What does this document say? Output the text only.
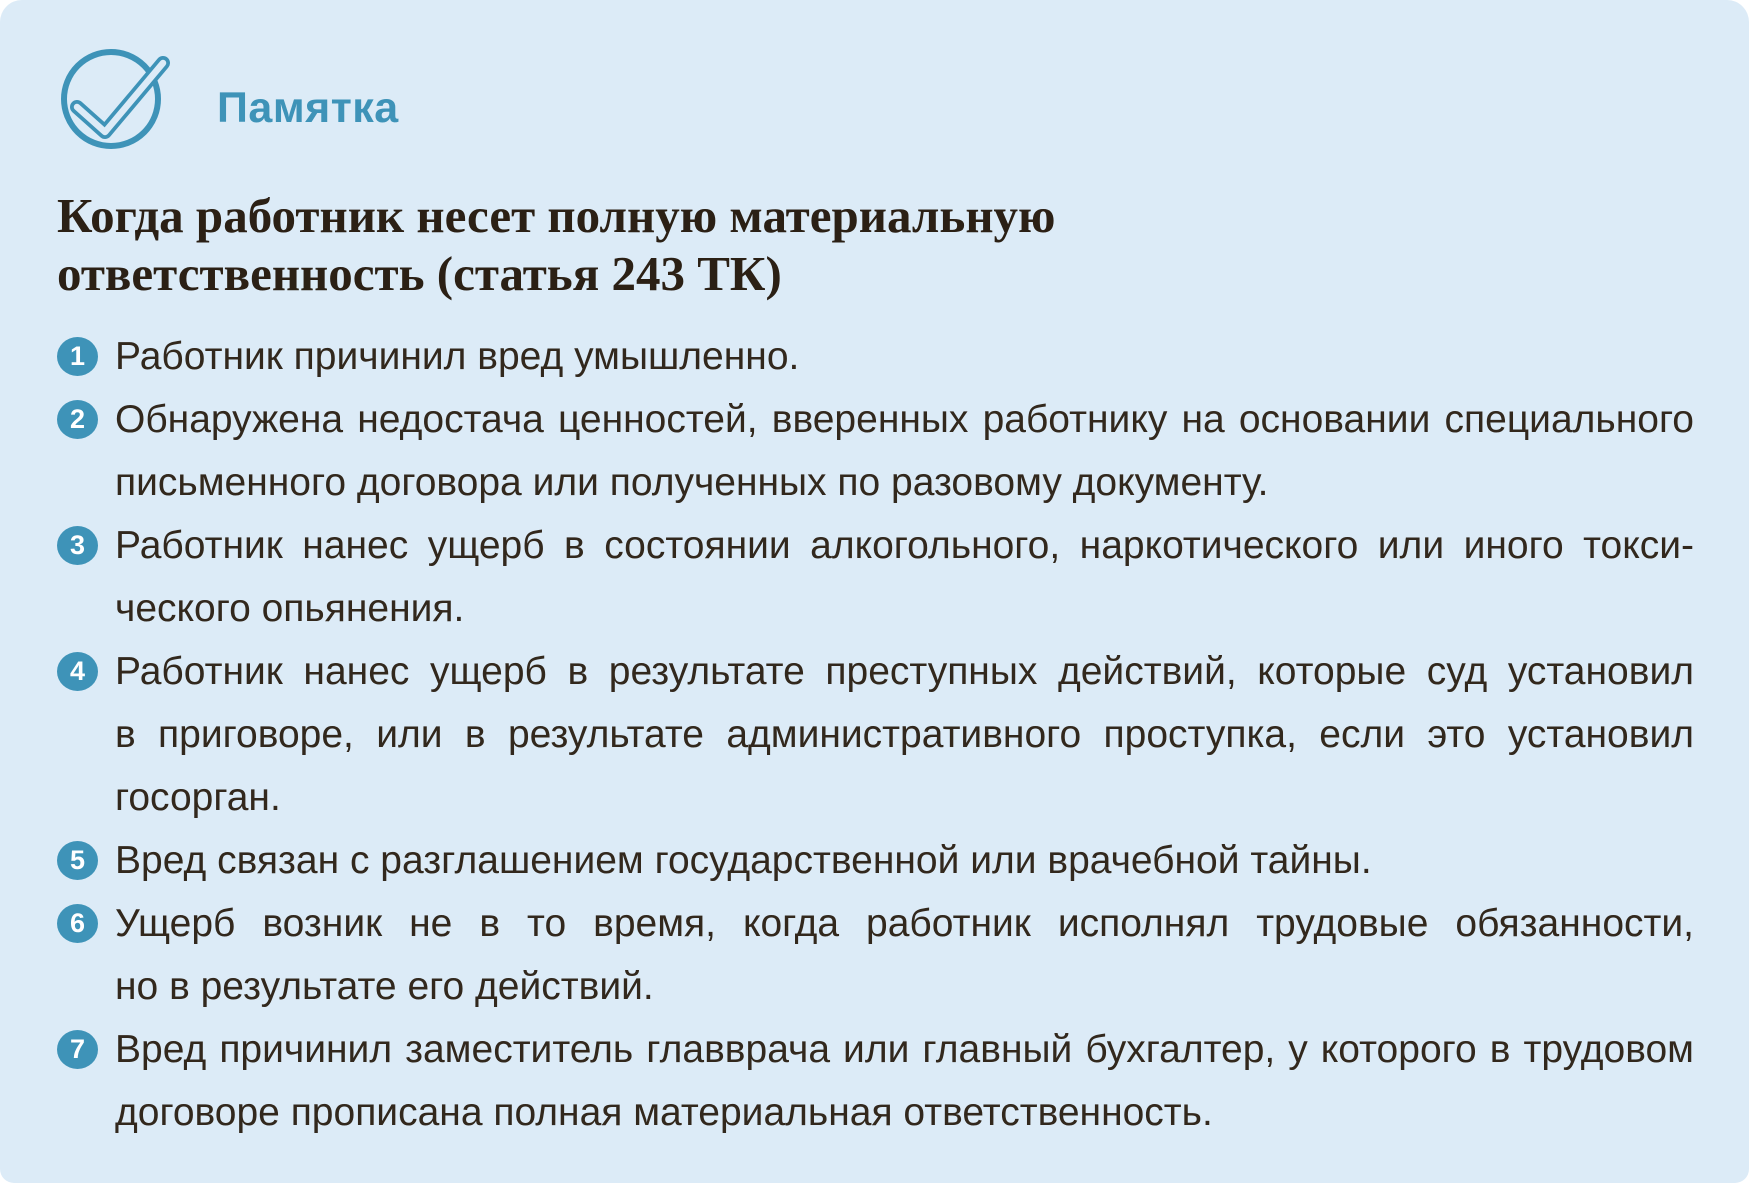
Памятка
Когда работник несет полную материальную
ответственность (статья 243 ТК)
1 Работник причинил вред умышленно.
2 Обнаружена недостача ценностей, вверенных работнику на основании специального
письменного договора или полученных по разовому документу.
3 Работник нанес ущерб в состоянии алкогольного, наркотического или иного токси-
ческого опьянения.
4 Работник нанес ущерб в результате преступных действий, которые суд установил
в приговоре, или в результате административного проступка, если это установил
госорган.
5 Вред связан с разглашением государственной или врачебной тайны.
6 Ущерб возник не в то время, когда работник исполнял трудовые обязанности,
но в результате его действий.
7 Вред причинил заместитель главврача или главный бухгалтер, у которого в трудовом
договоре прописана полная материальная ответственность.
